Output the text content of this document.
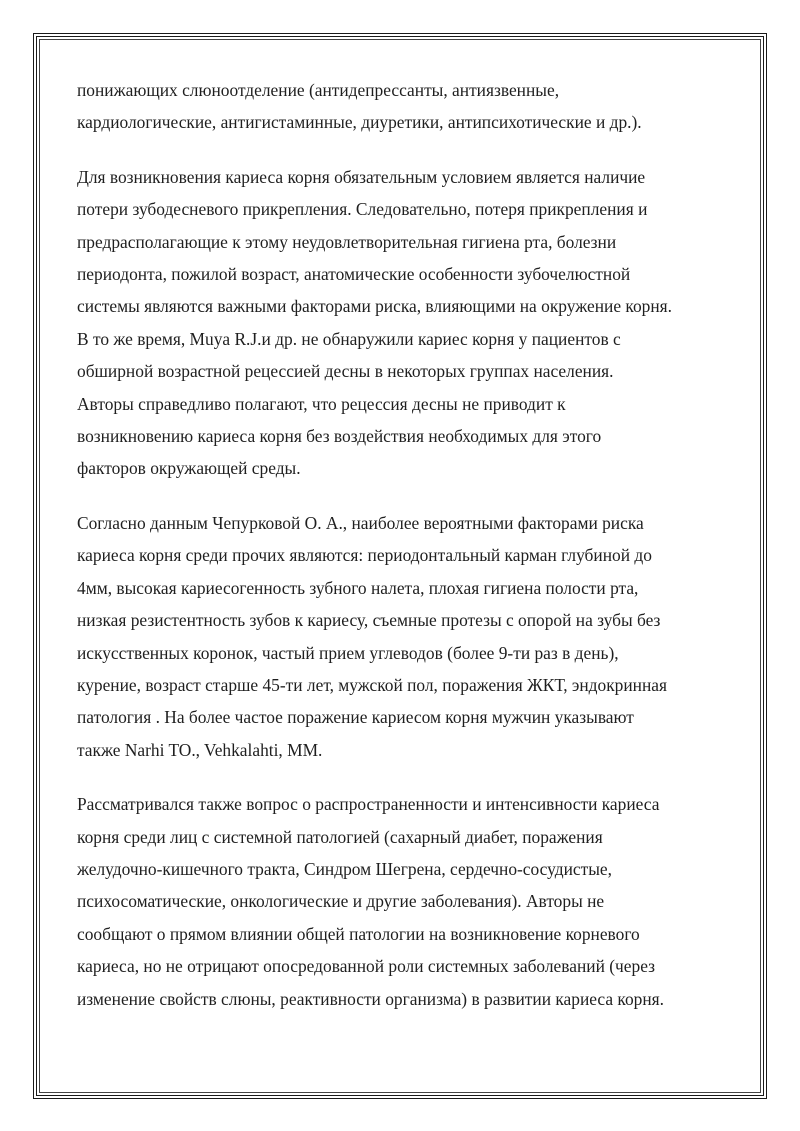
понижающих слюноотделение (антидепрессанты, антиязвенные,
кардиологические, антигистаминные, диуретики, антипсихотические и др.).

Для возникновения кариеса корня обязательным условием является наличие
потери зубодесневого прикрепления. Следовательно, потеря прикрепления и
предрасполагающие к этому неудовлетворительная гигиена рта, болезни
периодонта, пожилой возраст, анатомические особенности зубочелюстной
системы являются важными факторами риска, влияющими на окружение корня.
В то же время, Muya R.J.и др. не обнаружили кариес корня у пациентов с
обширной возрастной рецессией десны в некоторых группах населения.
Авторы справедливо полагают, что рецессия десны не приводит к
возникновению кариеса корня без воздействия необходимых для этого
факторов окружающей среды.

Согласно данным Чепурковой О. А., наиболее вероятными факторами риска
кариеса корня среди прочих являются: периодонтальный карман глубиной до
4мм, высокая кариесогенность зубного налета, плохая гигиена полости рта,
низкая резистентность зубов к кариесу, съемные протезы с опорой на зубы без
искусственных коронок, частый прием углеводов (более 9-ти раз в день),
курение, возраст старше 45-ти лет, мужской пол, поражения ЖКТ, эндокринная
патология . На более частое поражение кариесом корня мужчин указывают
также Narhi TO., Vehkalahti, MM.

Рассматривался также вопрос о распространенности и интенсивности кариеса
корня среди лиц с системной патологией (сахарный диабет, поражения
желудочно-кишечного тракта, Синдром Шегрена, сердечно-сосудистые,
психосоматические, онкологические и другие заболевания). Авторы не
сообщают о прямом влиянии общей патологии на возникновение корневого
кариеса, но не отрицают опосредованной роли системных заболеваний (через
изменение свойств слюны, реактивности организма) в развитии кариеса корня.
